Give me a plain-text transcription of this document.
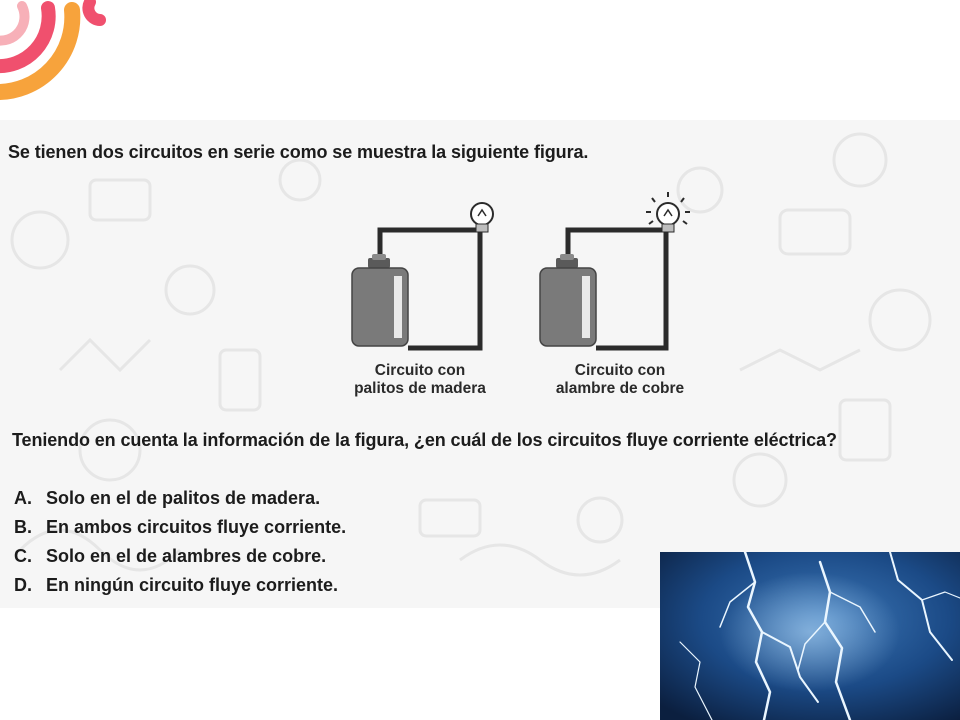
Se tienen dos circuitos en serie como se muestra la siguiente figura.
Circuito con
palitos de madera
Circuito con
alambre de cobre
Teniendo en cuenta la información de la figura, ¿en cuál de los circuitos fluye corriente eléctrica?
A. Solo en el de palitos de madera.
B. En ambos circuitos fluye corriente.
C. Solo en el de alambres de cobre.
D. En ningún circuito fluye corriente.
